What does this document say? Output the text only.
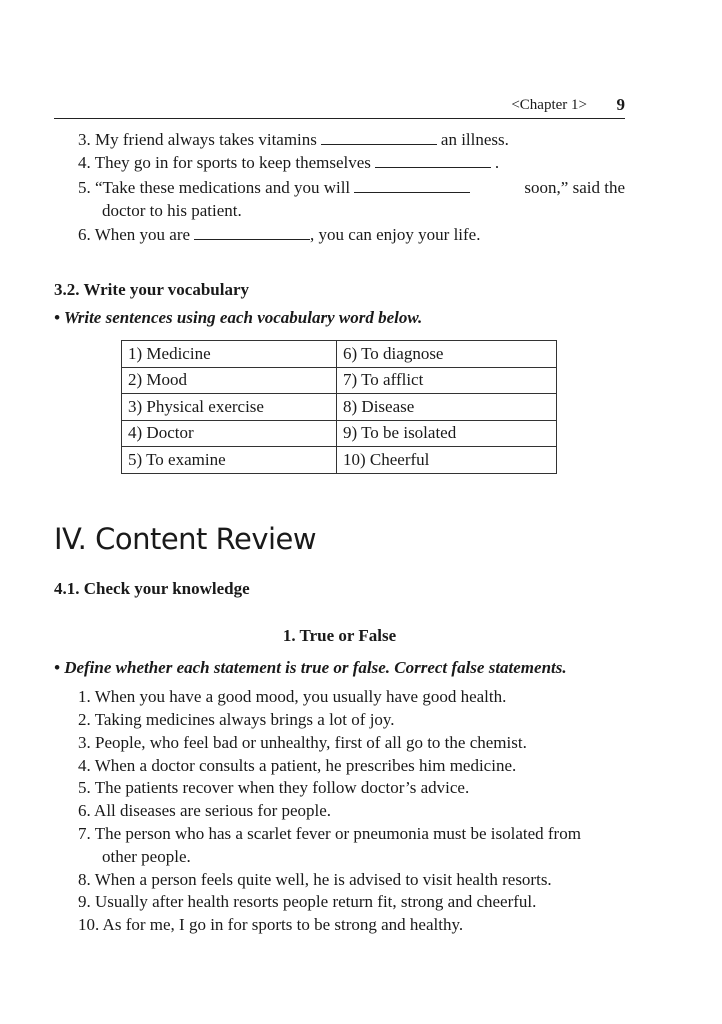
<Chapter 1> 9
3. My friend always takes vitamins	an illness.
4. They go in for sports to keep themselves	.
5. “Take these medications and you will	soon,” said the
doctor to his patient.
6. When you are	, you can enjoy your life.
3.2. Write your vocabulary
• Write sentences using each vocabulary word below.
1) Medicine	6) To diagnose
2) Mood	7) To afflict
3) Physical exercise	8) Disease
4) Doctor	9) To be isolated
5) To examine	10) Cheerful
IV. Content Review
4.1. Check your knowledge
1. True or False
• Define whether each statement is true or false. Correct false statements.
1. When you have a good mood, you usually have good health.
2. Taking medicines always brings a lot of joy.
3. People, who feel bad or unhealthy, first of all go to the chemist.
4. When a doctor consults a patient, he prescribes him medicine.
5. The patients recover when they follow doctor’s advice.
6. All diseases are serious for people.
7. The person who has a scarlet fever or pneumonia must be isolated from
other people.
8. When a person feels quite well, he is advised to visit health resorts.
9. Usually after health resorts people return fit, strong and cheerful.
10. As for me, I go in for sports to be strong and healthy.
